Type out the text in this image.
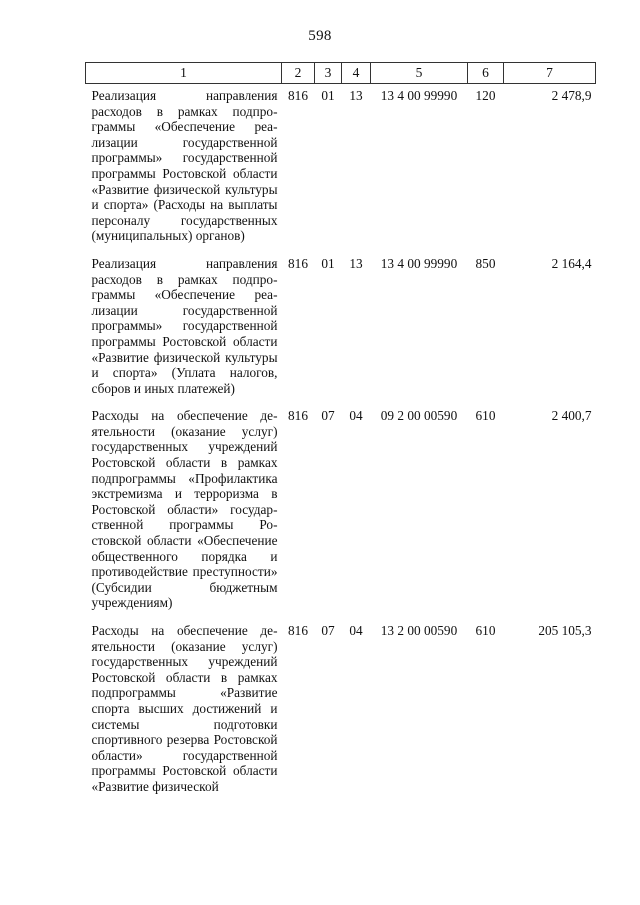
598
1	2	3	4	5	6	7
Реализация направления расходов в рамках подпрограммы «Обеспечение реализации государственной программы» государственной программы Ростовской области «Развитие физической культуры и спорта» (Расходы на выплаты персоналу государственных (муниципальных) органов)	816	01	13	13 4 00 99990	120	2 478,9
Реализация направления расходов в рамках подпрограммы «Обеспечение реализации государственной программы» государственной программы Ростовской области «Развитие физической культуры и спорта» (Уплата налогов, сборов и иных платежей)	816	01	13	13 4 00 99990	850	2 164,4
Расходы на обеспечение деятельности (оказание услуг) государственных учреждений Ростовской области в рамках подпрограммы «Профилактика экстремизма и терроризма в Ростовской области» государственной программы Ростовской области «Обеспечение общественного порядка и противодействие преступности» (Субсидии бюджетным учреждениям)	816	07	04	09 2 00 00590	610	2 400,7
Расходы на обеспечение деятельности (оказание услуг) государственных учреждений Ростовской области в рамках подпрограммы «Развитие спорта высших достижений и системы подготовки спортивного резерва Ростовской области» государственной программы Ростовской области «Развитие физической	816	07	04	13 2 00 00590	610	205 105,3
